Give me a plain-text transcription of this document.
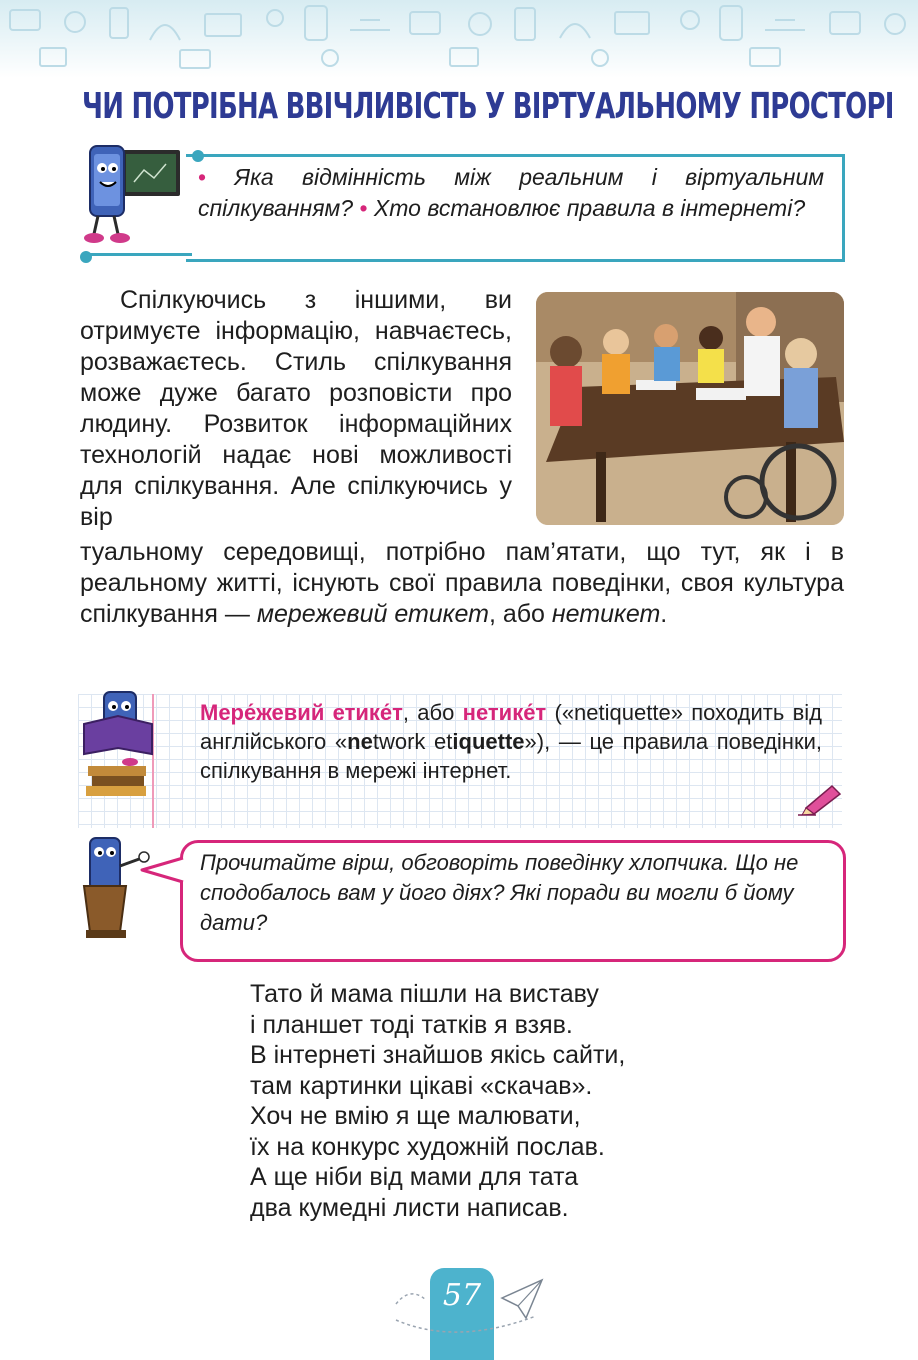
ЧИ ПОТРІБНА ВВІЧЛИВІСТЬ У ВІРТУАЛЬНОМУ ПРОСТОРІ
• Яка відмінність між реальним і віртуальним спілкуванням? • Хто встановлює правила в інтернеті?
Спілкуючись з іншими, ви отримуєте інформацію, навчаєтесь, розважаєтесь. Стиль спілкування може дуже багато розповісти про людину. Розвиток інформаційних технологій надає нові можливості для спілкування. Але спілкуючись у вір
туальному середовищі, потрібно пам’ятати, що тут, як і в реальному житті, існують свої правила поведінки, своя культура спілкування — мережевий етикет, або нетикет.
Мере́жевий етике́т, або нетике́т («netiquette» походить від англійського «network etiquette»), — це правила поведінки, спілкування в мережі інтернет.
Прочитайте вірш, обговоріть поведінку хлопчика. Що не сподобалось вам у його діях? Які поради ви могли б йому дати?
Тато й мама пішли на виставу
і планшет тоді татків я взяв.
В інтернеті знайшов якісь сайти,
там картинки цікаві «скачав».
Хоч не вмію я ще малювати,
їх на конкурс художній послав.
А ще ніби від мами для тата
два кумедні листи написав.
57
